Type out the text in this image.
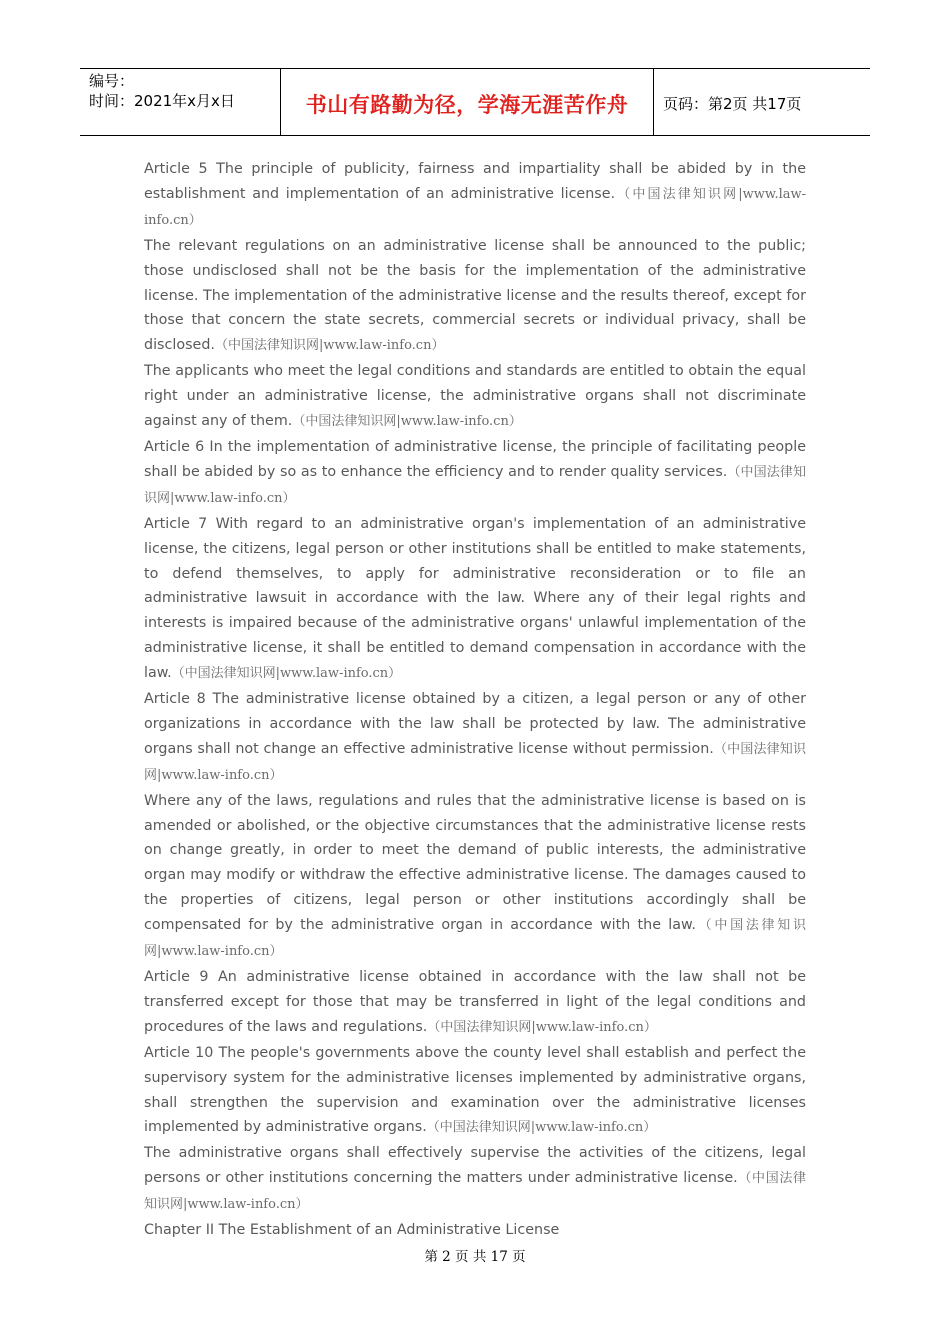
编号：
时间：2021年x月x日	书山有路勤为径，学海无涯苦作舟 页码：第2页 共17页

Article 5 The principle of publicity, fairness and impartiality shall be abided by in the establishment and implementation of an administrative license.（中国法律知识网|www.law-info.cn）

The relevant regulations on an administrative license shall be announced to the public; those undisclosed shall not be the basis for the implementation of the administrative license. The implementation of the administrative license and the results thereof, except for those that concern the state secrets, commercial secrets or individual privacy, shall be disclosed.（中国法律知识网|www.law-info.cn）

The applicants who meet the legal conditions and standards are entitled to obtain the equal right under an administrative license, the administrative organs shall not discriminate against any of them.（中国法律知识网|www.law-info.cn）

Article 6 In the implementation of administrative license, the principle of facilitating people shall be abided by so as to enhance the efficiency and to render quality services.（中国法律知识网|www.law-info.cn）

Article 7 With regard to an administrative organ's implementation of an administrative license, the citizens, legal person or other institutions shall be entitled to make statements, to defend themselves, to apply for administrative reconsideration or to file an administrative lawsuit in accordance with the law. Where any of their legal rights and interests is impaired because of the administrative organs' unlawful implementation of the administrative license, it shall be entitled to demand compensation in accordance with the law.（中国法律知识网|www.law-info.cn）

Article 8 The administrative license obtained by a citizen, a legal person or any of other organizations in accordance with the law shall be protected by law. The administrative organs shall not change an effective administrative license without permission.（中国法律知识网|www.law-info.cn）

Where any of the laws, regulations and rules that the administrative license is based on is amended or abolished, or the objective circumstances that the administrative license rests on change greatly, in order to meet the demand of public interests, the administrative organ may modify or withdraw the effective administrative license. The damages caused to the properties of citizens, legal person or other institutions accordingly shall be compensated for by the administrative organ in accordance with the law.（中国法律知识网|www.law-info.cn）

Article 9 An administrative license obtained in accordance with the law shall not be transferred except for those that may be transferred in light of the legal conditions and procedures of the laws and regulations.（中国法律知识网|www.law-info.cn）

Article 10 The people's governments above the county level shall establish and perfect the supervisory system for the administrative licenses implemented by administrative organs, shall strengthen the supervision and examination over the administrative licenses implemented by administrative organs.（中国法律知识网|www.law-info.cn）

The administrative organs shall effectively supervise the activities of the citizens, legal persons or other institutions concerning the matters under administrative license.（中国法律知识网|www.law-info.cn）

Chapter II The Establishment of an Administrative License

第 2 页 共 17 页
